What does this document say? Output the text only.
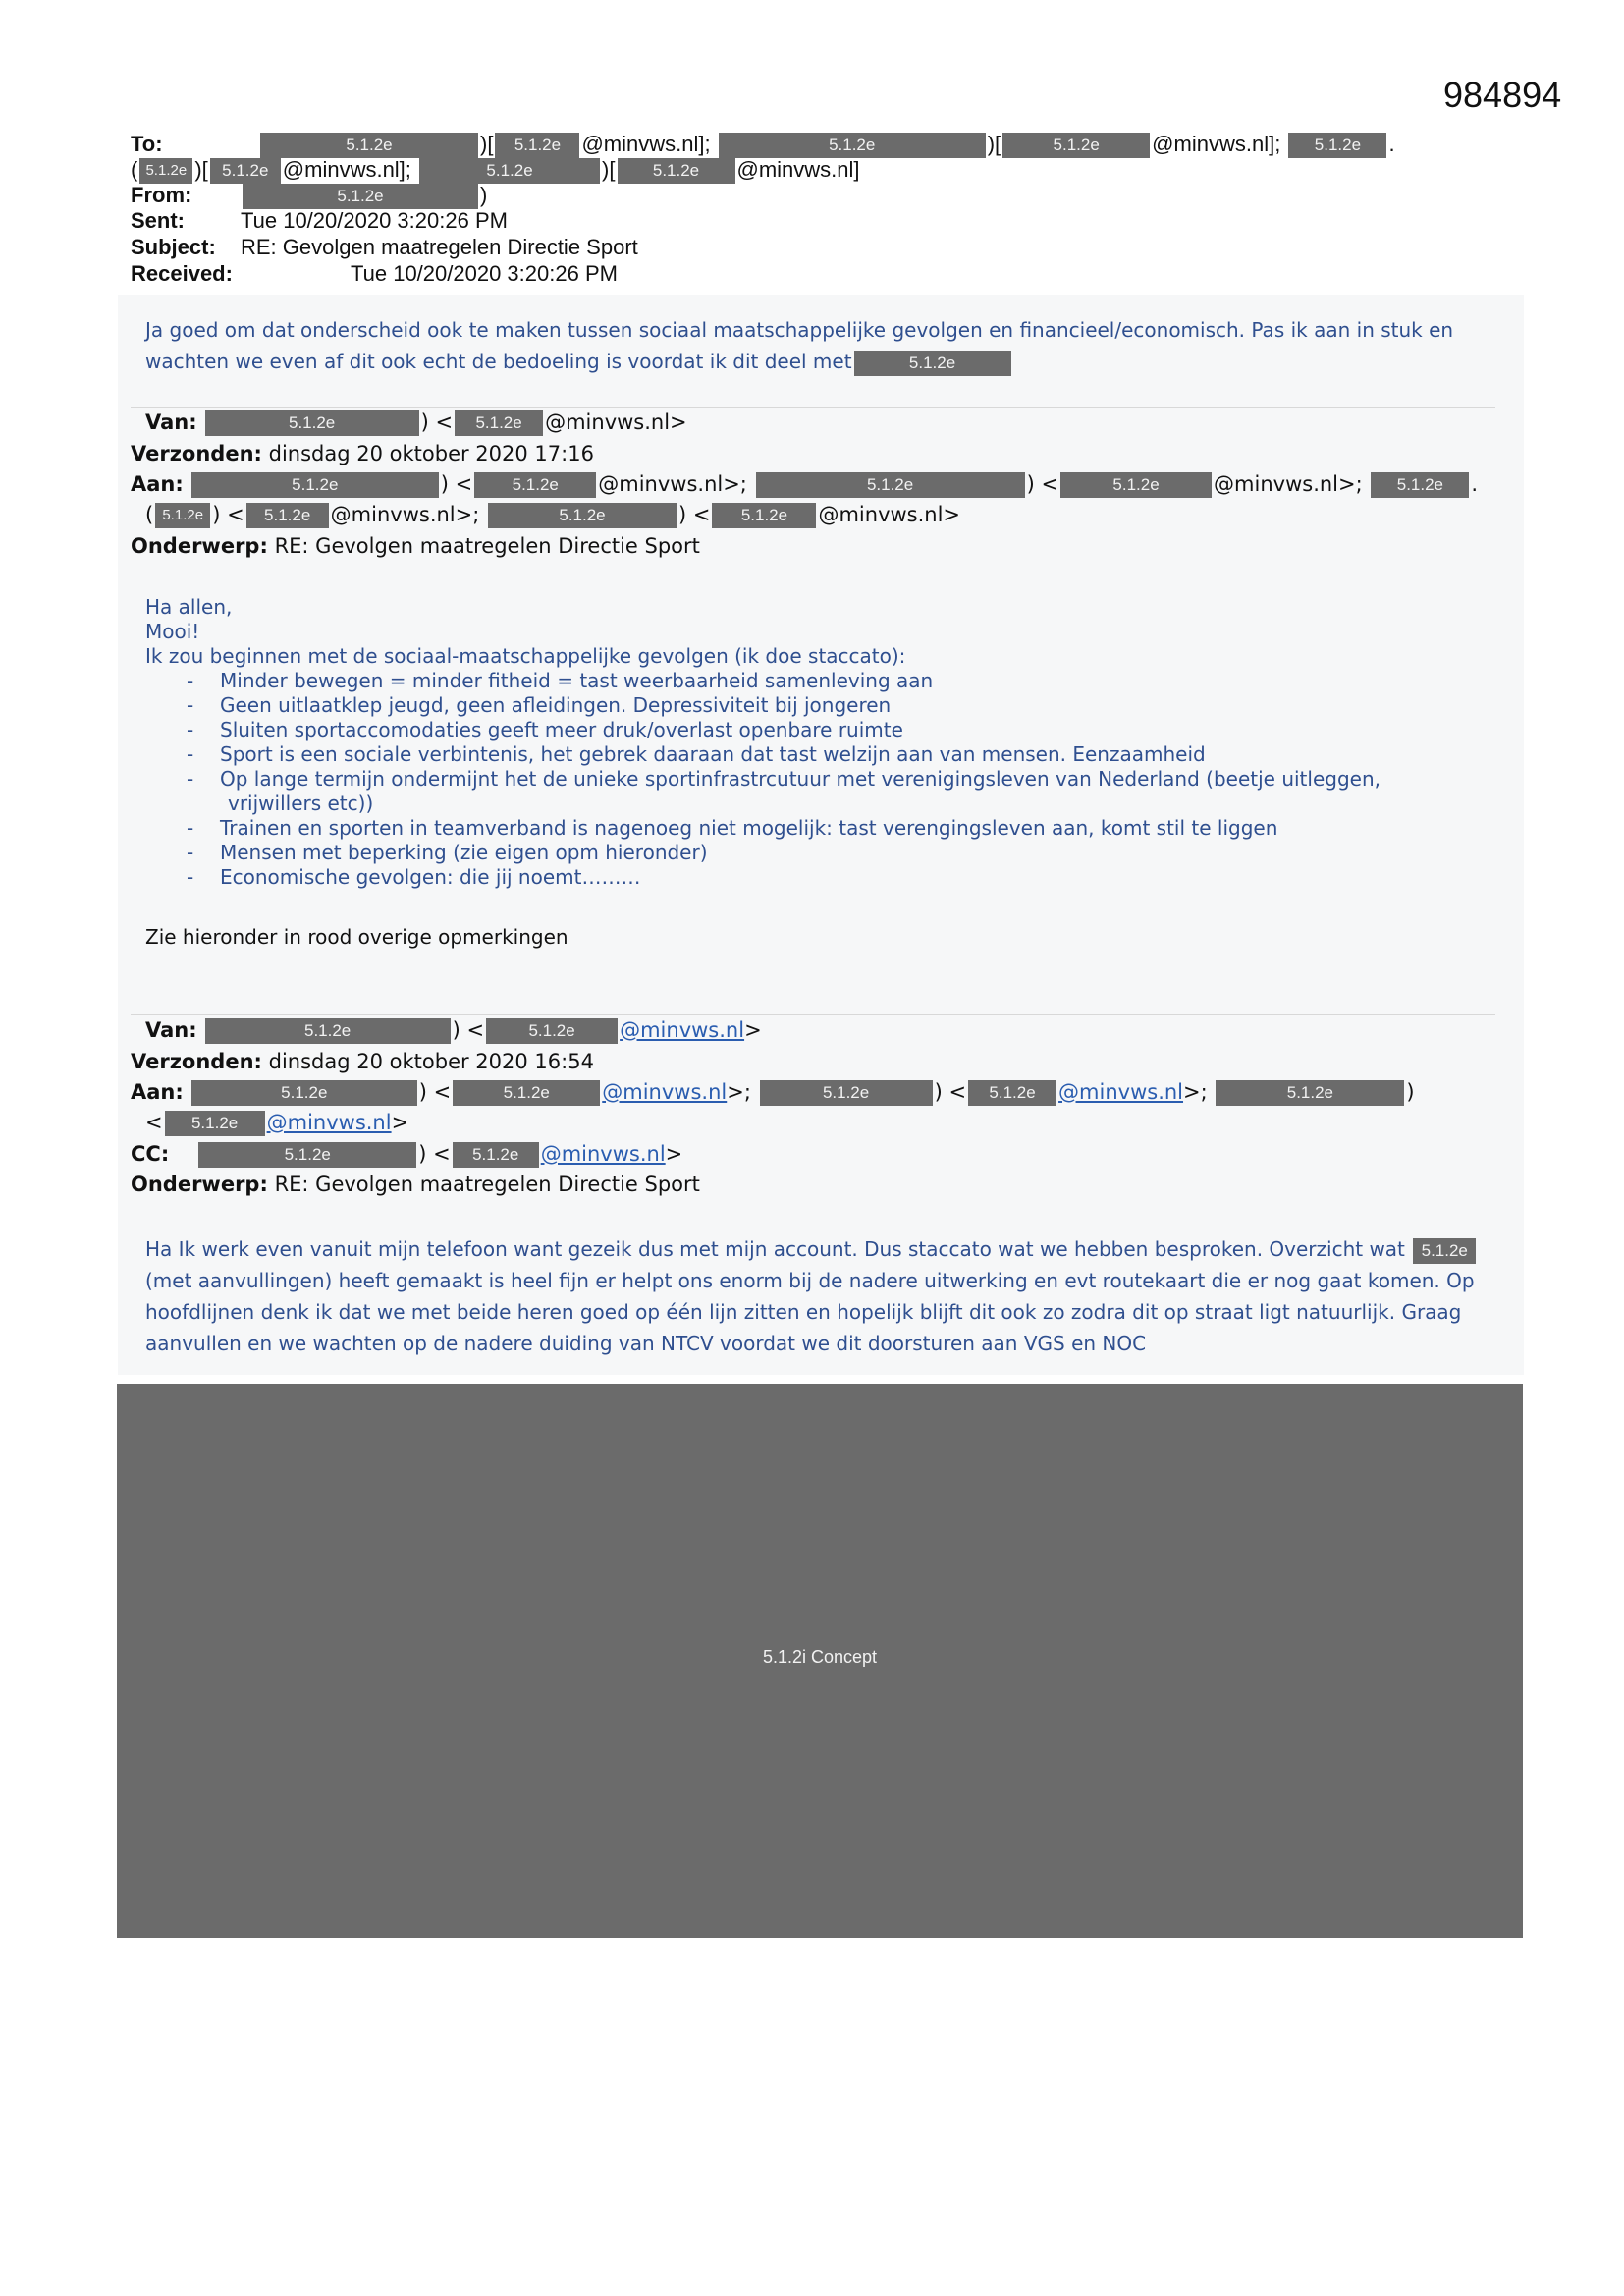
984894
To:	5.1.2e	)[ 5.1.2e @minvws.nl];	5.1.2e	)[	5.1.2e @minvws.nl]; 5.1.2e .
( 5.1.2e )[ 5.1.2e @minvws.nl];	5.1.2e	)[ 5.1.2e @minvws.nl]
From:	5.1.2e	)
Sent:	Tue 10/20/2020 3:20:26 PM
Subject: RE: Gevolgen maatregelen Directie Sport
Received:	Tue 10/20/2020 3:20:26 PM
Ja goed om dat onderscheid ook te maken tussen sociaal maatschappelijke gevolgen en financieel/economisch. Pas ik aan in stuk en wachten we even af dit ook echt de bedoeling is voordat ik dit deel met	5.1.2e
Van:	5.1.2e	) < 5.1.2e @minvws.nl>
Verzonden: dinsdag 20 oktober 2020 17:16
Aan:	5.1.2e	) < 5.1.2e @minvws.nl>;	5.1.2e	) <	5.1.2e	@minvws.nl>; 5.1.2e .
( 5.1.2e ) < 5.1.2e @minvws.nl>;	5.1.2e	) < 5.1.2e @minvws.nl>
Onderwerp: RE: Gevolgen maatregelen Directie Sport
Ha allen,
Mooi!
Ik zou beginnen met de sociaal-maatschappelijke gevolgen (ik doe staccato):
- Minder bewegen = minder fitheid = tast weerbaarheid samenleving aan
- Geen uitlaatklep jeugd, geen afleidingen. Depressiviteit bij jongeren
- Sluiten sportaccomodaties geeft meer druk/overlast openbare ruimte
- Sport is een sociale verbintenis, het gebrek daaraan dat tast welzijn aan van mensen. Eenzaamheid
- Op lange termijn ondermijnt het de unieke sportinfrastrcutuur met verenigingsleven van Nederland (beetje uitleggen,
vrijwillers etc))
- Trainen en sporten in teamverband is nagenoeg niet mogelijk: tast verengingsleven aan, komt stil te liggen
- Mensen met beperking (zie eigen opm hieronder)
- Economische gevolgen: die jij noemt………
Zie hieronder in rood overige opmerkingen
Van:	5.1.2e	) <	5.1.2e @minvws.nl>
Verzonden: dinsdag 20 oktober 2020 16:54
Aan:	5.1.2e	) <	5.1.2e	@minvws.nl>;	5.1.2e	) < 5.1.2e @minvws.nl>;	5.1.2e	)
< 5.1.2e @minvws.nl>
CC:	5.1.2e	) < 5.1.2e @minvws.nl>
Onderwerp: RE: Gevolgen maatregelen Directie Sport
Ha Ik werk even vanuit mijn telefoon want gezeik dus met mijn account. Dus staccato wat we hebben besproken. Overzicht wat 5.1.2e(met aanvullingen) heeft gemaakt is heel fijn er helpt ons enorm bij de nadere uitwerking en evt routekaart die er nog gaat komen. Op hoofdlijnen denk ik dat we met beide heren goed op één lijn zitten en hopelijk blijft dit ook zo zodra dit op straat ligt natuurlijk. Graag aanvullen en we wachten op de nadere duiding van NTCV voordat we dit doorsturen aan VGS en NOC
5.1.2i Concept
